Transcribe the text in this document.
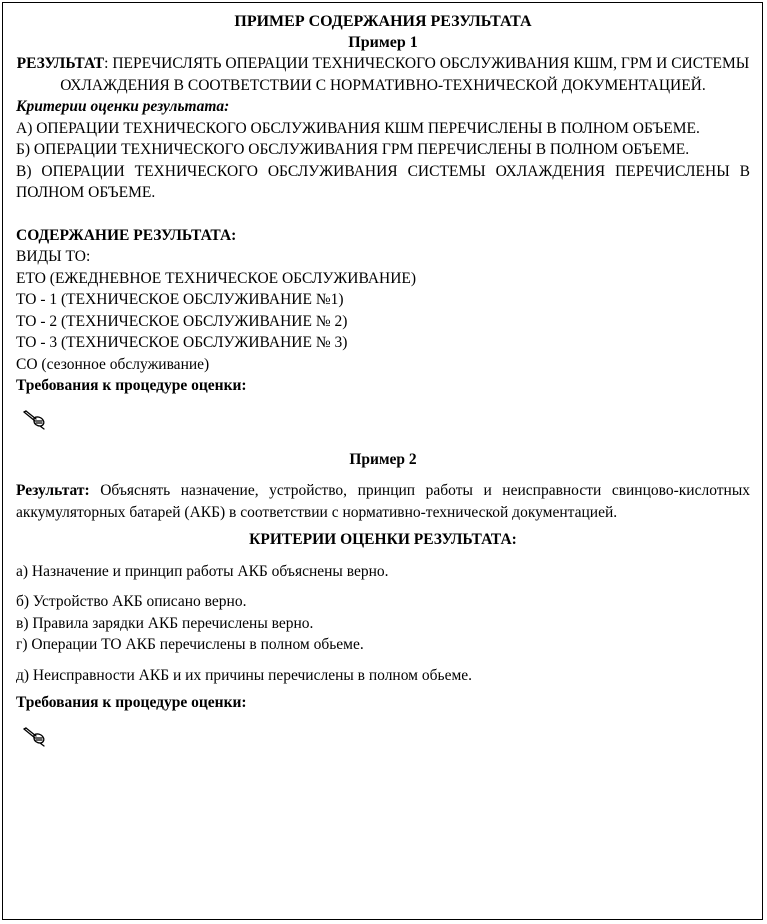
ПРИМЕР СОДЕРЖАНИЯ РЕЗУЛЬТАТА
Пример 1
РЕЗУЛЬТАТ: ПЕРЕЧИСЛЯТЬ ОПЕРАЦИИ ТЕХНИЧЕСКОГО ОБСЛУЖИВАНИЯ КШМ, ГРМ И СИСТЕМЫ ОХЛАЖДЕНИЯ В СООТВЕТСТВИИ С НОРМАТИВНО-ТЕХНИЧЕСКОЙ ДОКУМЕНТАЦИЕЙ.
Критерии оценки результата:
А) ОПЕРАЦИИ ТЕХНИЧЕСКОГО ОБСЛУЖИВАНИЯ КШМ ПЕРЕЧИСЛЕНЫ В ПОЛНОМ ОБЪЕМЕ.
Б) ОПЕРАЦИИ ТЕХНИЧЕСКОГО ОБСЛУЖИВАНИЯ ГРМ ПЕРЕЧИСЛЕНЫ В ПОЛНОМ ОБЪЕМЕ.
В) ОПЕРАЦИИ ТЕХНИЧЕСКОГО ОБСЛУЖИВАНИЯ СИСТЕМЫ ОХЛАЖДЕНИЯ ПЕРЕЧИСЛЕНЫ В ПОЛНОМ ОБЪЕМЕ.
СОДЕРЖАНИЕ РЕЗУЛЬТАТА:
ВИДЫ ТО:
ЕТО (ЕЖЕДНЕВНОЕ ТЕХНИЧЕСКОЕ ОБСЛУЖИВАНИЕ)
ТО - 1 (ТЕХНИЧЕСКОЕ ОБСЛУЖИВАНИЕ №1)
ТО - 2 (ТЕХНИЧЕСКОЕ ОБСЛУЖИВАНИЕ № 2)
ТО - 3 (ТЕХНИЧЕСКОЕ ОБСЛУЖИВАНИЕ № 3)
СО (сезонное обслуживание)
Требования к процедуре оценки:
Пример 2
Результат: Объяснять назначение, устройство, принцип работы и неисправности свинцово-кислотных аккумуляторных батарей (АКБ) в соответствии с нормативно-технической документацией.
КРИТЕРИИ ОЦЕНКИ РЕЗУЛЬТАТА:
а) Назначение и принцип работы АКБ объяснены верно.
б) Устройство АКБ описано верно.
в) Правила зарядки АКБ перечислены верно.
г) Операции ТО АКБ перечислены в полном обьеме.
д) Неисправности АКБ и их причины перечислены в полном обьеме.
Требования к процедуре оценки:
